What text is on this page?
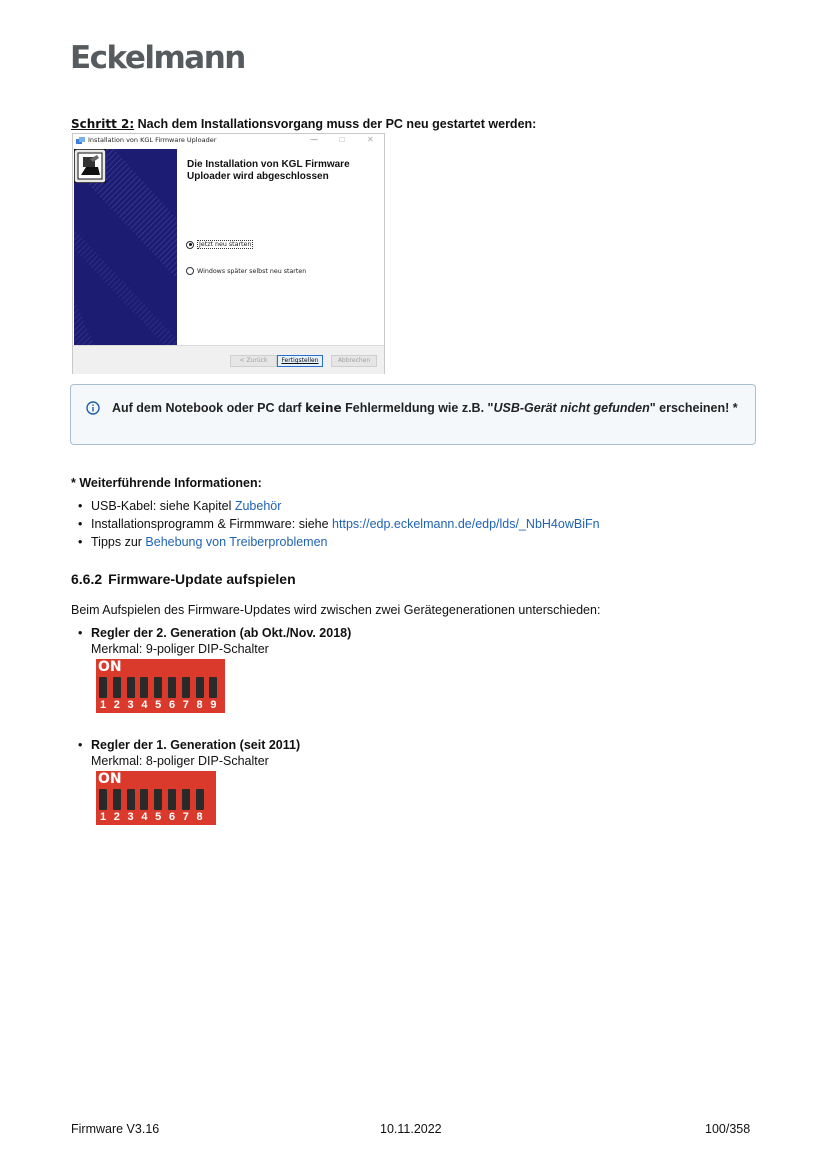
Eckelmann
Schritt 2: Nach dem Installationsvorgang muss der PC neu gestartet werden:
Installation von KGL Firmware Uploader	—	☐	✕
Die Installation von KGL Firmware Uploader wird abgeschlossen
Jetzt neu starten
Windows später selbst neu starten
< Zurück	Fertigstellen	Abbrechen
Auf dem Notebook oder PC darf keine Fehlermeldung wie z.B. "USB-Gerät nicht gefunden" erscheinen! *
* Weiterführende Informationen:
• USB-Kabel: siehe Kapitel Zubehör
• Installationsprogramm & Firmmware: siehe https://edp.eckelmann.de/edp/lds/_NbH4owBiFn
• Tipps zur Behebung von Treiberproblemen
6.6.2 Firmware-Update aufspielen
Beim Aufspielen des Firmware-Updates wird zwischen zwei Gerätegenerationen unterschieden:
• Regler der 2. Generation (ab Okt./Nov. 2018)
Merkmal: 9-poliger DIP-Schalter
ON
1 2 3 4 5 6 7 8 9
• Regler der 1. Generation (seit 2011)
Merkmal: 8-poliger DIP-Schalter
ON
1 2 3 4 5 6 7 8
Firmware V3.16	10.11.2022	100/358
